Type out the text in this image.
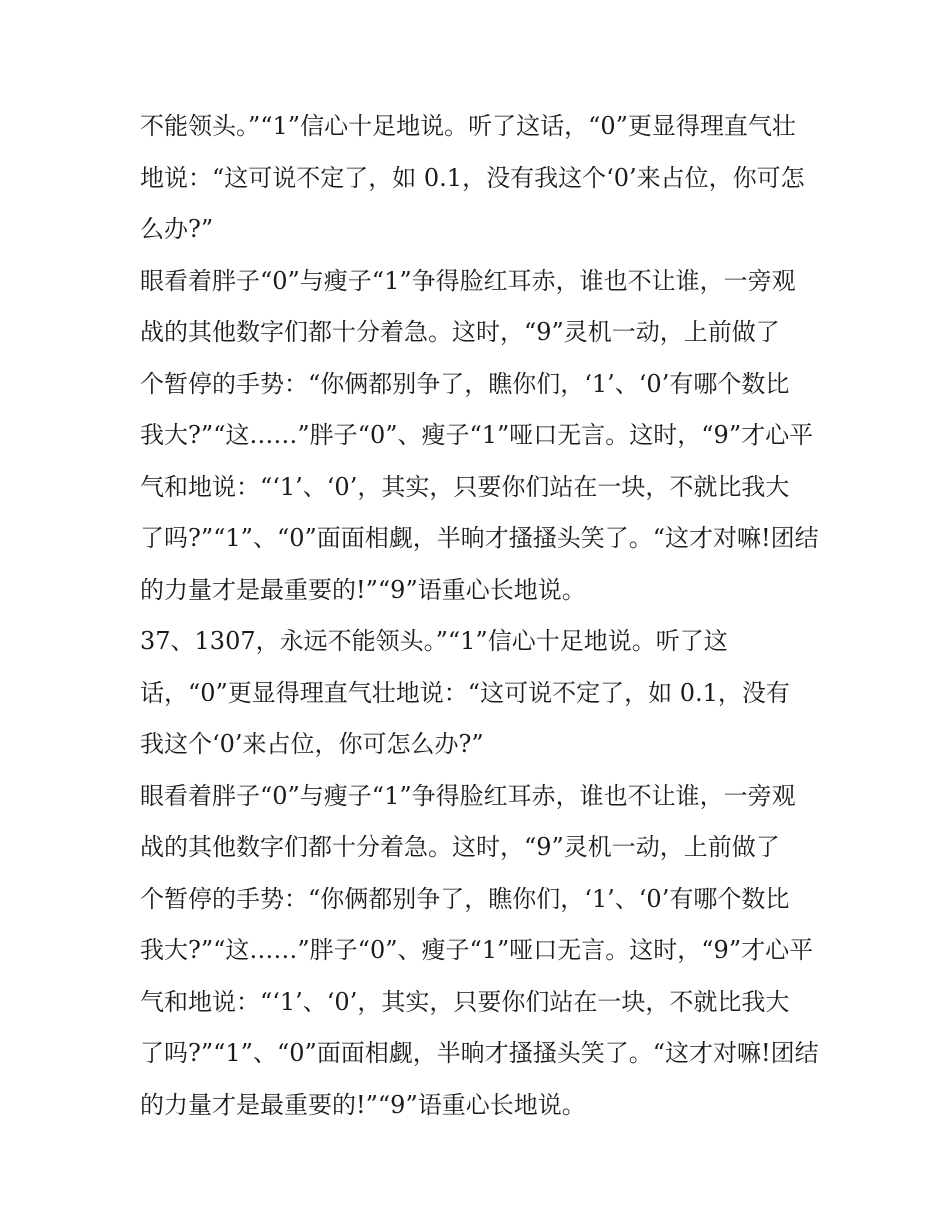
不能领头。”“1”信心十足地说。听了这话，“0”更显得理直气壮
地说：“这可说不定了，如 0.1，没有我这个‘0’来占位，你可怎
么办?”
眼看着胖子“0”与瘦子“1”争得脸红耳赤，谁也不让谁，一旁观
战的其他数字们都十分着急。这时，“9”灵机一动，上前做了
个暂停的手势：“你俩都别争了，瞧你们，‘1’、‘0’有哪个数比
我大?”“这……”胖子“0”、瘦子“1”哑口无言。这时，“9”才心平
气和地说：“‘1’、‘0’，其实，只要你们站在一块，不就比我大
了吗?”“1”、“0”面面相觑，半晌才搔搔头笑了。“这才对嘛!团结
的力量才是最重要的!”“9”语重心长地说。
37、1307，永远不能领头。”“1”信心十足地说。听了这
话，“0”更显得理直气壮地说：“这可说不定了，如 0.1，没有
我这个‘0’来占位，你可怎么办?”
眼看着胖子“0”与瘦子“1”争得脸红耳赤，谁也不让谁，一旁观
战的其他数字们都十分着急。这时，“9”灵机一动，上前做了
个暂停的手势：“你俩都别争了，瞧你们，‘1’、‘0’有哪个数比
我大?”“这……”胖子“0”、瘦子“1”哑口无言。这时，“9”才心平
气和地说：“‘1’、‘0’，其实，只要你们站在一块，不就比我大
了吗?”“1”、“0”面面相觑，半晌才搔搔头笑了。“这才对嘛!团结
的力量才是最重要的!”“9”语重心长地说。
